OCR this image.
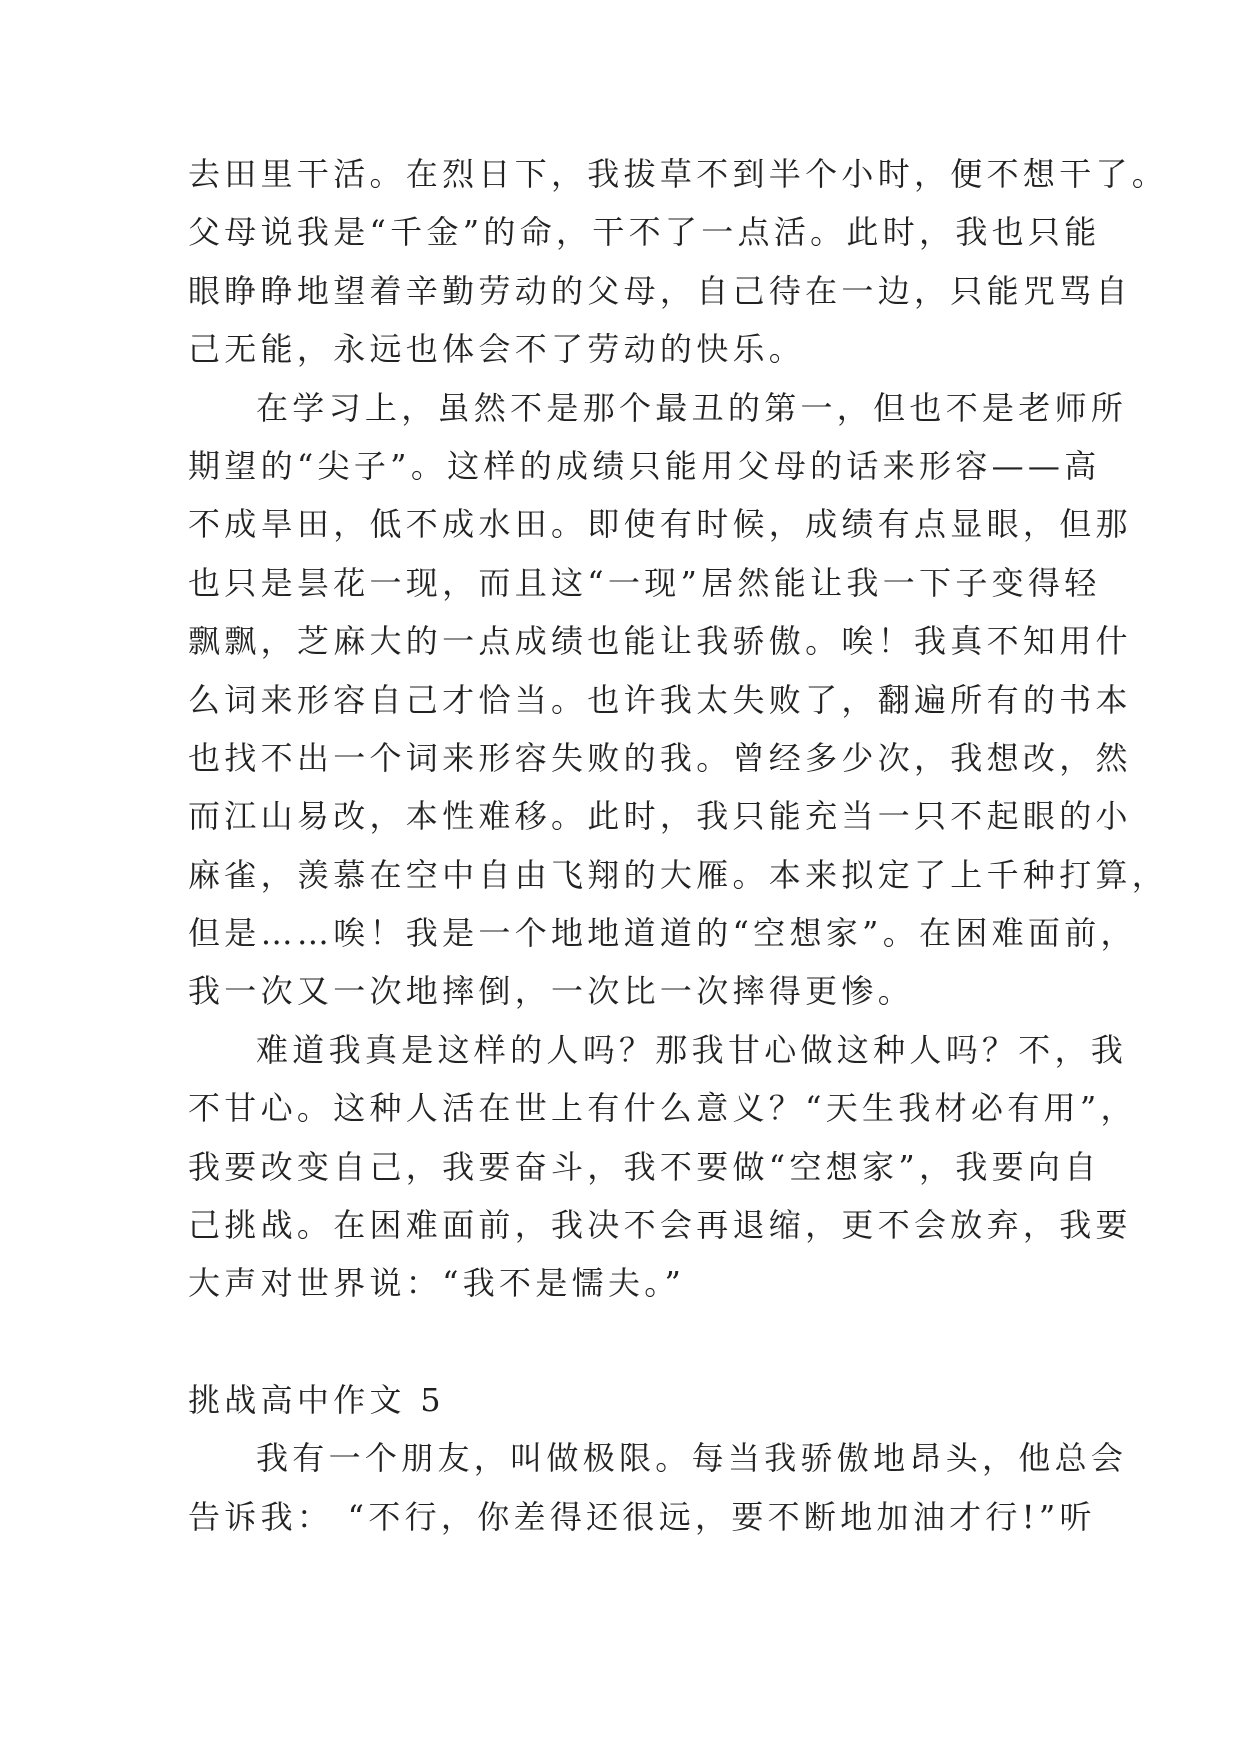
去田里干活。在烈日下，我拔草不到半个小时，便不想干了。
父母说我是“千金”的命，干不了一点活。此时，我也只能
眼睁睁地望着辛勤劳动的父母，自己待在一边，只能咒骂自
己无能，永远也体会不了劳动的快乐。
在学习上，虽然不是那个最丑的第一，但也不是老师所
期望的“尖子”。这样的成绩只能用父母的话来形容——高
不成旱田，低不成水田。即使有时候，成绩有点显眼，但那
也只是昙花一现，而且这“一现”居然能让我一下子变得轻
飘飘，芝麻大的一点成绩也能让我骄傲。唉！我真不知用什
么词来形容自己才恰当。也许我太失败了，翻遍所有的书本
也找不出一个词来形容失败的我。曾经多少次，我想改，然
而江山易改，本性难移。此时，我只能充当一只不起眼的小
麻雀，羡慕在空中自由飞翔的大雁。本来拟定了上千种打算，
但是……唉！我是一个地地道道的“空想家”。在困难面前，
我一次又一次地摔倒，一次比一次摔得更惨。
难道我真是这样的人吗？那我甘心做这种人吗？不，我
不甘心。这种人活在世上有什么意义？“天生我材必有用”，
我要改变自己，我要奋斗，我不要做“空想家”，我要向自
己挑战。在困难面前，我决不会再退缩，更不会放弃，我要
大声对世界说：“我不是懦夫。”
挑战高中作文 5
我有一个朋友，叫做极限。每当我骄傲地昂头，他总会
告诉我： “不行，你差得还很远，要不断地加油才行!”听
